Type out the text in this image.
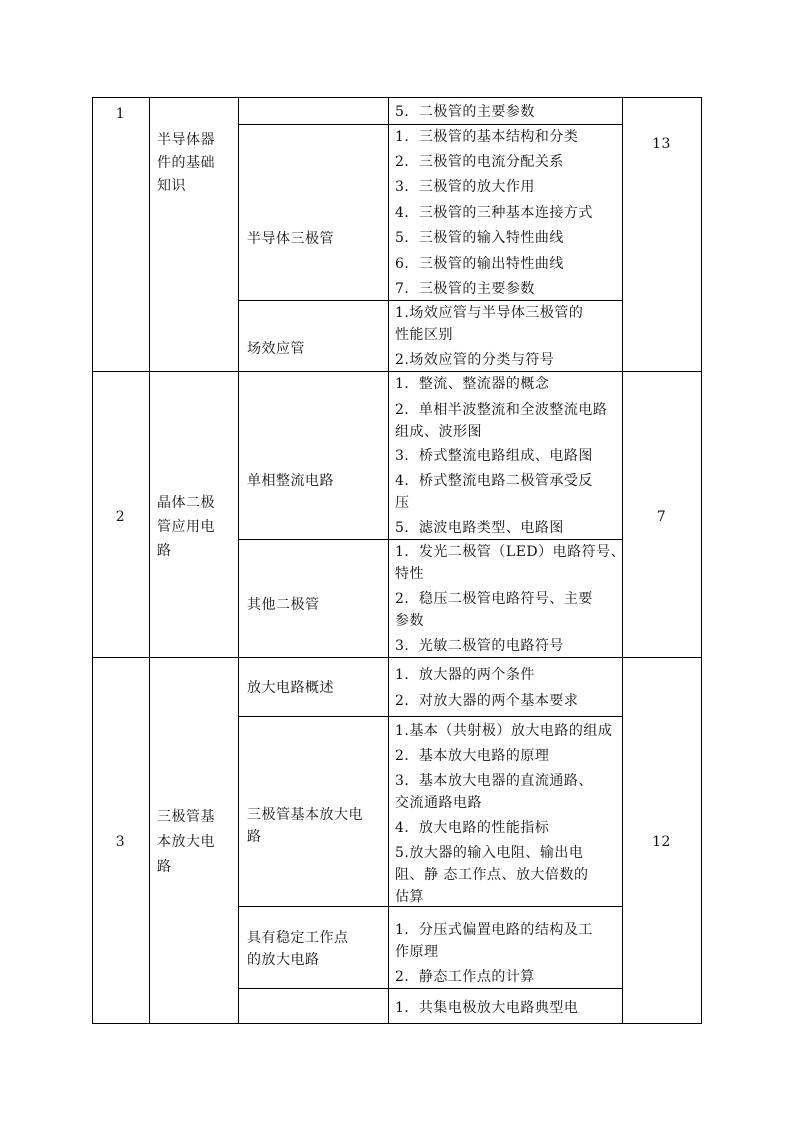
1
半导体器
件的基础
知识
13
5．二极管的主要参数
半导体三极管
1．三极管的基本结构和分类
2．三极管的电流分配关系
3．三极管的放大作用
4．三极管的三种基本连接方式
5．三极管的输入特性曲线
6．三极管的输出特性曲线
7．三极管的主要参数
场效应管
1.场效应管与半导体三极管的
性能区别
2.场效应管的分类与符号
2
晶体二极
管应用电
路
7
单相整流电路
1．整流、整流器的概念
2．单相半波整流和全波整流电路
组成、波形图
3．桥式整流电路组成、电路图
4．桥式整流电路二极管承受反
压
5．滤波电路类型、电路图
其他二极管
1．发光二极管（LED）电路符号、
特性
2．稳压二极管电路符号、主要
参数
3．光敏二极管的电路符号
3
三极管基
本放大电
路
12
放大电路概述
1．放大器的两个条件
2．对放大器的两个基本要求
三极管基本放大电
路
1.基本（共射极）放大电路的组成
2．基本放大电路的原理
3．基本放大电器的直流通路、
交流通路电路
4．放大电路的性能指标
5.放大器的输入电阻、输出电
阻、静 态工作点、放大倍数的
估算
具有稳定工作点
的放大电路
1．分压式偏置电路的结构及工
作原理
2．静态工作点的计算
1．共集电极放大电路典型电
